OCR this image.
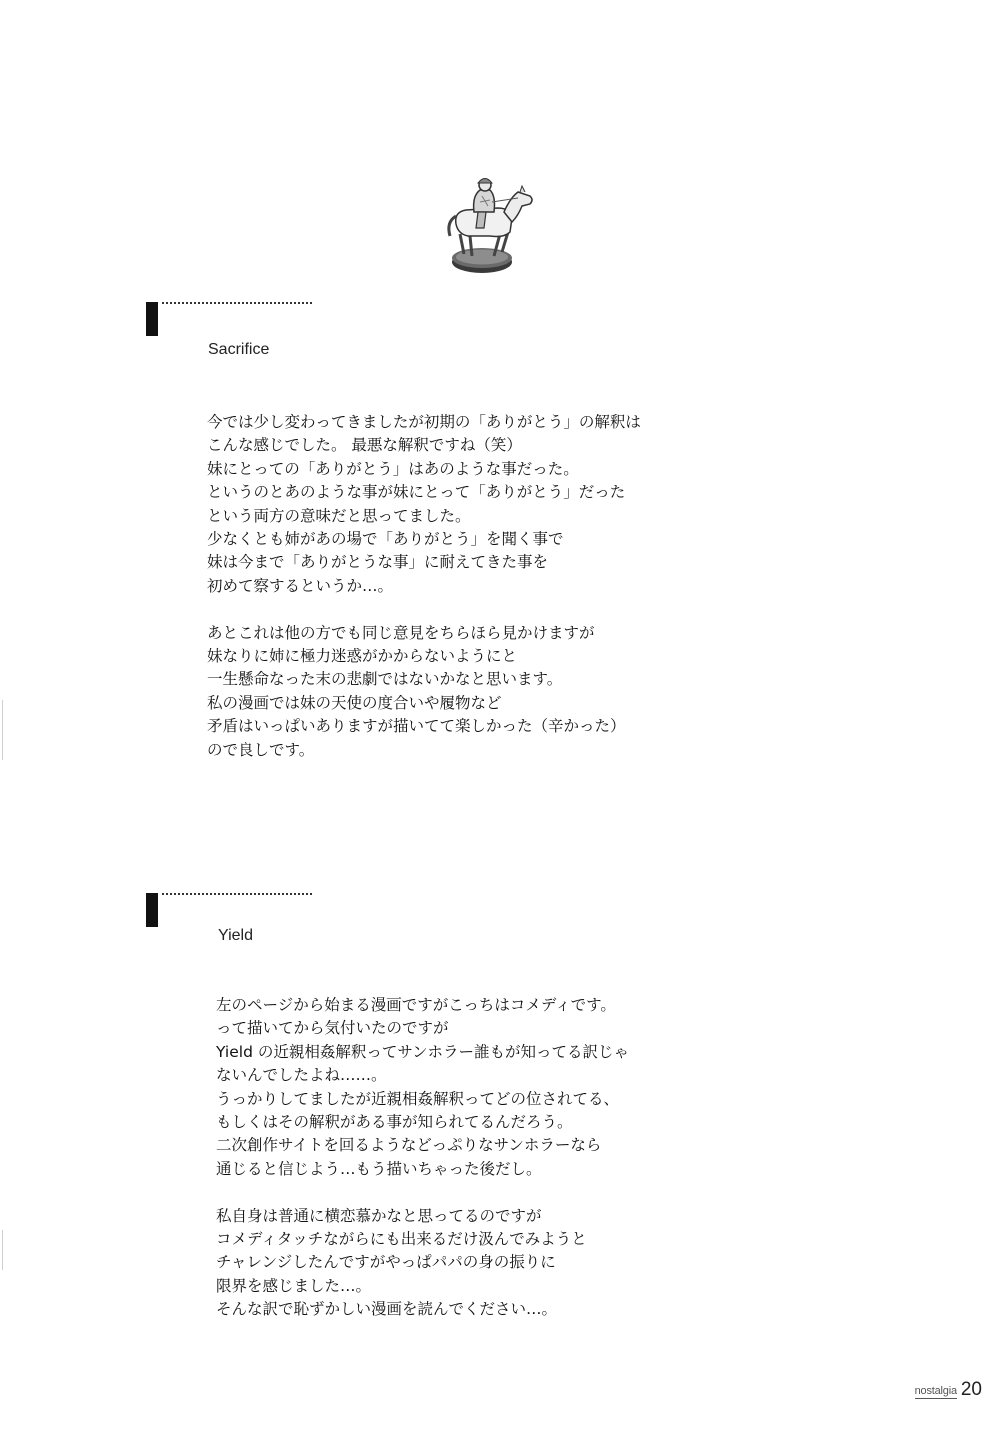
Sacrifice
今では少し変わってきましたが初期の「ありがとう」の解釈は
こんな感じでした。 最悪な解釈ですね（笑）
妹にとっての「ありがとう」はあのような事だった。
というのとあのような事が妹にとって「ありがとう」だった
という両方の意味だと思ってました。
少なくとも姉があの場で「ありがとう」を聞く事で
妹は今まで「ありがとうな事」に耐えてきた事を
初めて察するというか…。
あとこれは他の方でも同じ意見をちらほら見かけますが
妹なりに姉に極力迷惑がかからないようにと
一生懸命なった末の悲劇ではないかなと思います。
私の漫画では妹の天使の度合いや履物など
矛盾はいっぱいありますが描いてて楽しかった（辛かった）
ので良しです。
Yield
左のページから始まる漫画ですがこっちはコメディです。
って描いてから気付いたのですが
Yield の近親相姦解釈ってサンホラー誰もが知ってる訳じゃ
ないんでしたよね……。
うっかりしてましたが近親相姦解釈ってどの位されてる、
もしくはその解釈がある事が知られてるんだろう。
二次創作サイトを回るようなどっぷりなサンホラーなら
通じると信じよう…もう描いちゃった後だし。
私自身は普通に横恋慕かなと思ってるのですが
コメディタッチながらにも出来るだけ汲んでみようと
チャレンジしたんですがやっぱパパの身の振りに
限界を感じました…。
そんな訳で恥ずかしい漫画を読んでください…。
nostalgia 20
